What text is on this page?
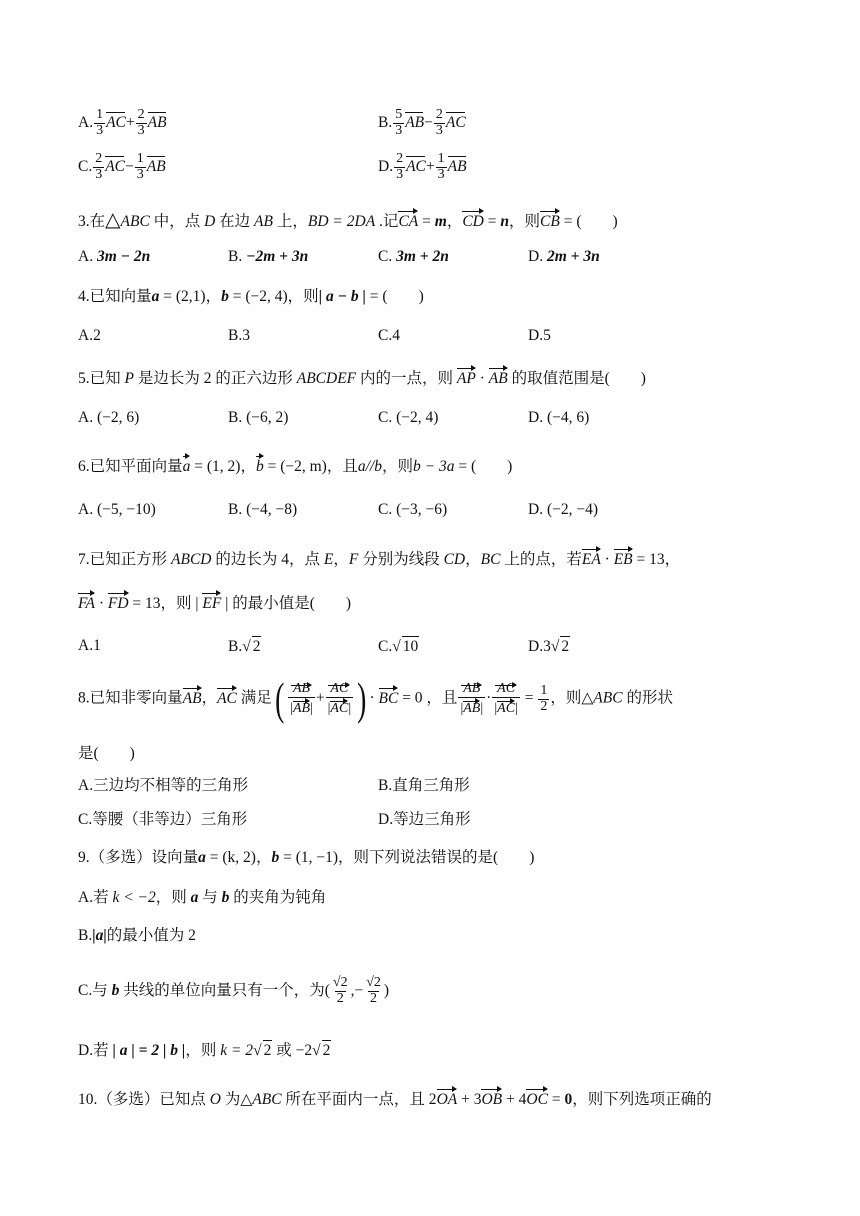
A. $\frac{1}{3} AC+ \frac{2}{3}$ AB	B. $\frac{5}{3} AB- \frac{2}{3}$ AC
C. $\frac{2}{3} AC- \frac{1}{3}$ AB	D. $\frac{2}{3} AC+ \frac{1}{3}$ AB
3.在△ABC 中，点 D 在边 AB 上，BD = 2DA .记CA = m，CD = n，则CB = (　　)
A. 3m − 2n	B. −2m + 3n	C. 3m + 2n	D. 2m + 3n
4.已知向量a = (2,1)，b = (−2, 4)，则| a − b | = (　　)
A.2	B.3	C.4	D.5
5.已知 P 是边长为 2 的正六边形 ABCDEF 内的一点，则 AP · AB 的取值范围是(　　)
A. (−2, 6)	B. (−6, 2)	C. (−2, 4)	D. (−4, 6)
6.已知平面向量a = (1, 2)，b = (−2, m)，且a//b，则b − 3a = (　　)
A. (−5, −10)	B. (−4, −8)	C. (−3, −6)	D. (−2, −4)
7.已知正方形 ABCD 的边长为 4，点 E，F 分别为线段 CD，BC 上的点，若EA · EB = 13，
FA · FD = 13，则 | EF | 的最小值是(　　)
A.1	B.√ 2	C.√ 10	D.3√ 2
8.已知非零向量AB，AC 满足( $\frac{AB}{|AB|} + \frac{AC}{|AC|}$ ) · BC = 0 ，且 $\frac{AB}{|AB|} \cdot \frac{AC}{|AC|} = \frac{1}{2}$ ，则△ABC 的形状
是(　　)
A.三边均不相等的三角形	B.直角三角形
C.等腰（非等边）三角形	D.等边三角形
9.（多选）设向量a = (k, 2)，b = (1, −1)，则下列说法错误的是(　　)
A.若 k < −2，则 a 与 b 的夹角为钝角
B.|a|的最小值为 2
C.与 b 共线的单位向量只有一个，为( $\frac{√2}{2}$ ,− $\frac{√2}{2}$ )
D.若 | a | = 2 | b |，则 k = 2√ 2 或 −2√ 2
10.（多选）已知点 O 为△ABC 所在平面内一点，且 2OA + 3OB + 4OC = 0，则下列选项正确的
